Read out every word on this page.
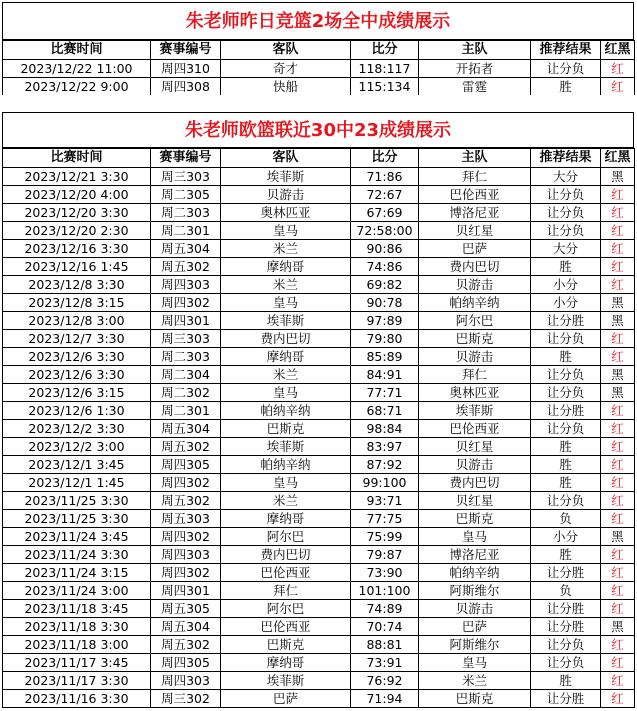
朱老师昨日竞篮2场全中成绩展示
比赛时间	赛事编号	客队	比分	主队	推荐结果	红黑
2023/12/22 11:00	周四310	奇才	118:117	开拓者	让分负	红
2023/12/22 9:00	周四308	快船	115:134	雷霆	胜	红
朱老师欧篮联近30中23成绩展示
比赛时间	赛事编号	客队	比分	主队	推荐结果	红黑
2023/12/21 3:30	周三303	埃菲斯	71:86	拜仁	大分	黑
2023/12/20 4:00	周二305	贝游击	72:67	巴伦西亚	让分负	红
2023/12/20 3:30	周二303	奥林匹亚	67:69	博洛尼亚	让分负	红
2023/12/20 2:30	周二301	皇马	72:58:00	贝红星	让分负	红
2023/12/16 3:30	周五304	米兰	90:86	巴萨	大分	红
2023/12/16 1:45	周五302	摩纳哥	74:86	费内巴切	胜	红
2023/12/8 3:30	周四303	米兰	69:82	贝游击	小分	红
2023/12/8 3:15	周四302	皇马	90:78	帕纳辛纳	小分	黑
2023/12/8 3:00	周四301	埃菲斯	97:89	阿尔巴	让分胜	黑
2023/12/7 3:30	周三303	费内巴切	79:80	巴斯克	让分负	红
2023/12/6 3:30	周二303	摩纳哥	85:89	贝游击	胜	红
2023/12/6 3:30	周二304	米兰	84:91	拜仁	让分负	黑
2023/12/6 3:15	周二302	皇马	77:71	奥林匹亚	让分负	黑
2023/12/6 1:30	周二301	帕纳辛纳	68:71	埃菲斯	让分胜	红
2023/12/2 3:30	周五304	巴斯克	98:84	巴伦西亚	让分负	红
2023/12/2 3:00	周五302	埃菲斯	83:97	贝红星	胜	红
2023/12/1 3:45	周四305	帕纳辛纳	87:92	贝游击	胜	红
2023/12/1 1:45	周四302	皇马	99:100	费内巴切	胜	红
2023/11/25 3:30	周五302	米兰	93:71	贝红星	让分负	红
2023/11/25 3:30	周五303	摩纳哥	77:75	巴斯克	负	红
2023/11/24 3:45	周四302	阿尔巴	75:99	皇马	小分	黑
2023/11/24 3:30	周四303	费内巴切	79:87	博洛尼亚	胜	红
2023/11/24 3:15	周四302	巴伦西亚	73:90	帕纳辛纳	让分胜	红
2023/11/24 3:00	周四301	拜仁	101:100	阿斯维尔	负	红
2023/11/18 3:45	周五305	阿尔巴	74:89	贝游击	让分胜	红
2023/11/18 3:30	周五304	巴伦西亚	70:74	巴萨	让分胜	黑
2023/11/18 3:00	周五302	巴斯克	88:81	阿斯维尔	让分负	红
2023/11/17 3:45	周四305	摩纳哥	73:91	皇马	让分负	红
2023/11/17 3:30	周四303	埃菲斯	76:92	米兰	胜	红
2023/11/16 3:30	周三302	巴萨	71:94	巴斯克	让分胜	红
